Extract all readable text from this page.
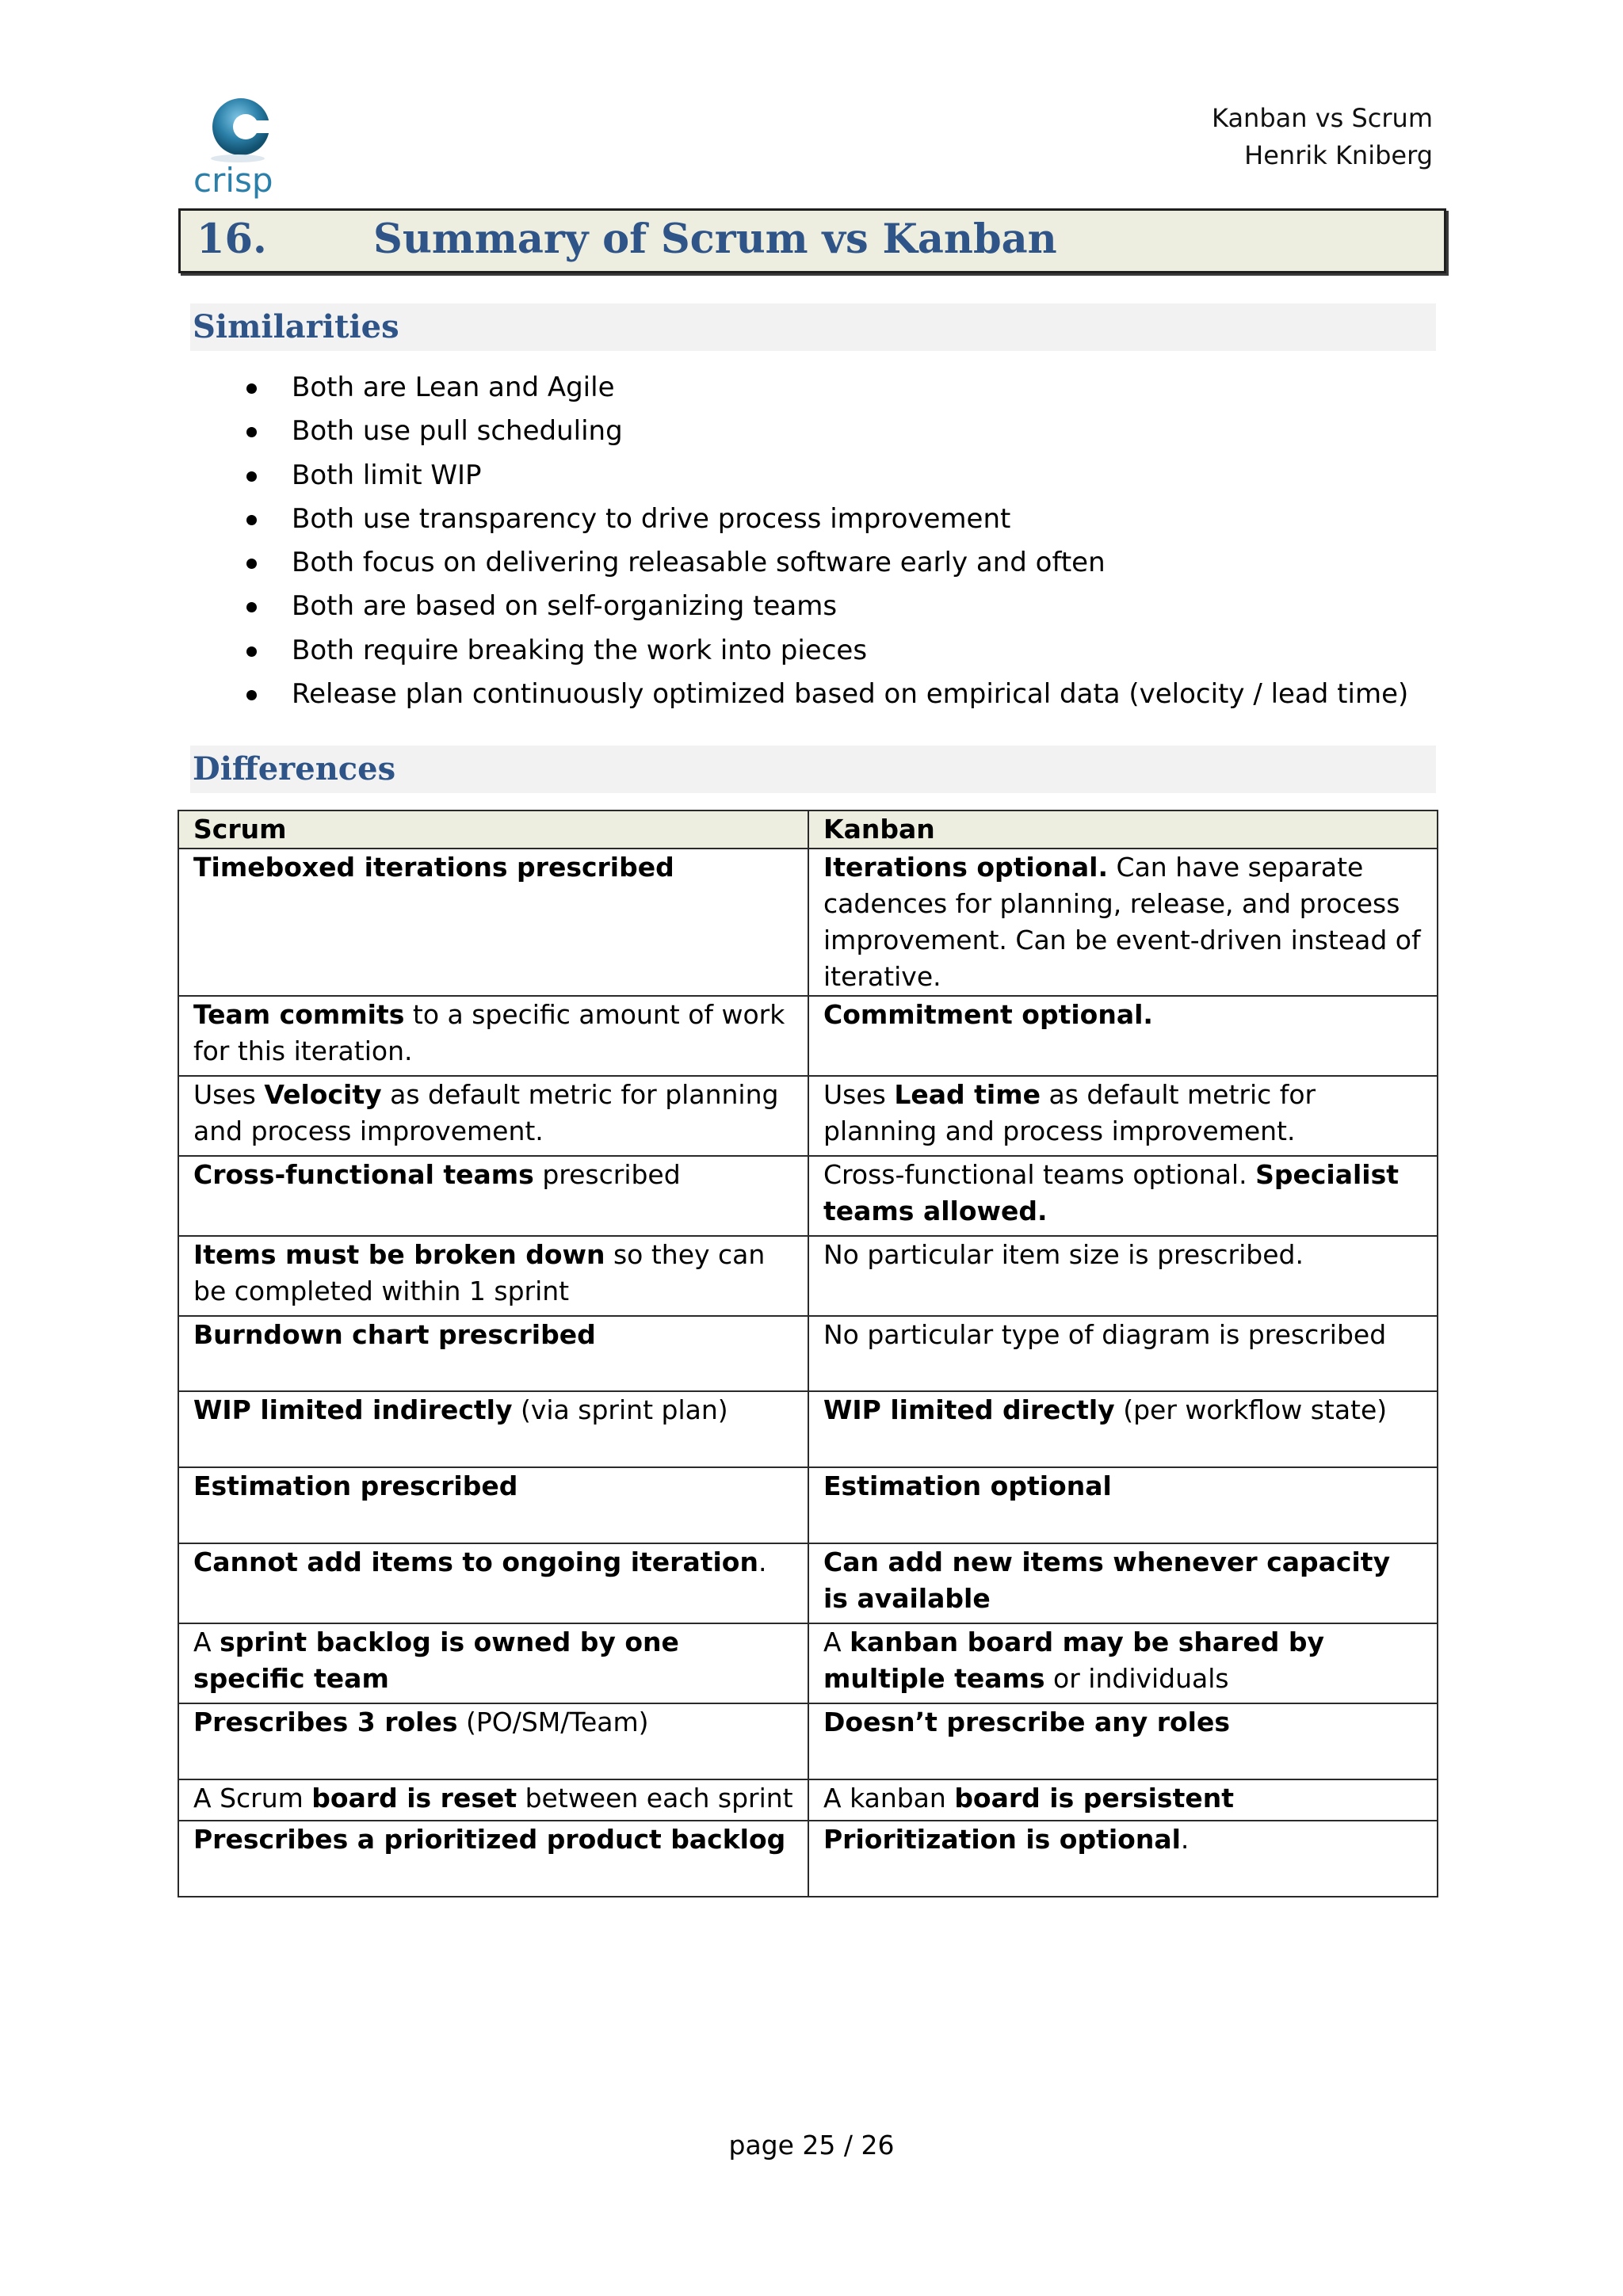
crisp
Kanban vs Scrum
Henrik Kniberg
16.	Summary of Scrum vs Kanban
Similarities
Both are Lean and Agile
Both use pull scheduling
Both limit WIP
Both use transparency to drive process improvement
Both focus on delivering releasable software early and often
Both are based on self-organizing teams
Both require breaking the work into pieces
Release plan continuously optimized based on empirical data (velocity / lead time)
Differences
Scrum	Kanban
Timeboxed iterations prescribed	Iterations optional. Can have separate cadences for planning, release, and process improvement. Can be event-driven instead of iterative.
Team commits to a specific amount of work for this iteration.	Commitment optional.
Uses Velocity as default metric for planning and process improvement.	Uses Lead time as default metric for planning and process improvement.
Cross-functional teams prescribed	Cross-functional teams optional. Specialist teams allowed.
Items must be broken down so they can be completed within 1 sprint	No particular item size is prescribed.
Burndown chart prescribed	No particular type of diagram is prescribed

WIP limited indirectly (via sprint plan)	WIP limited directly (per workflow state)
Estimation prescribed	Estimation optional
Cannot add items to ongoing iteration.	Can add new items whenever capacity is available
A sprint backlog is owned by one specific team	A kanban board may be shared by multiple teams or individuals
Prescribes 3 roles (PO/SM/Team)	Doesn’t prescribe any roles
A Scrum board is reset between each sprint	A kanban board is persistent
Prescribes a prioritized product backlog	Prioritization is optional.
page 25 / 26
